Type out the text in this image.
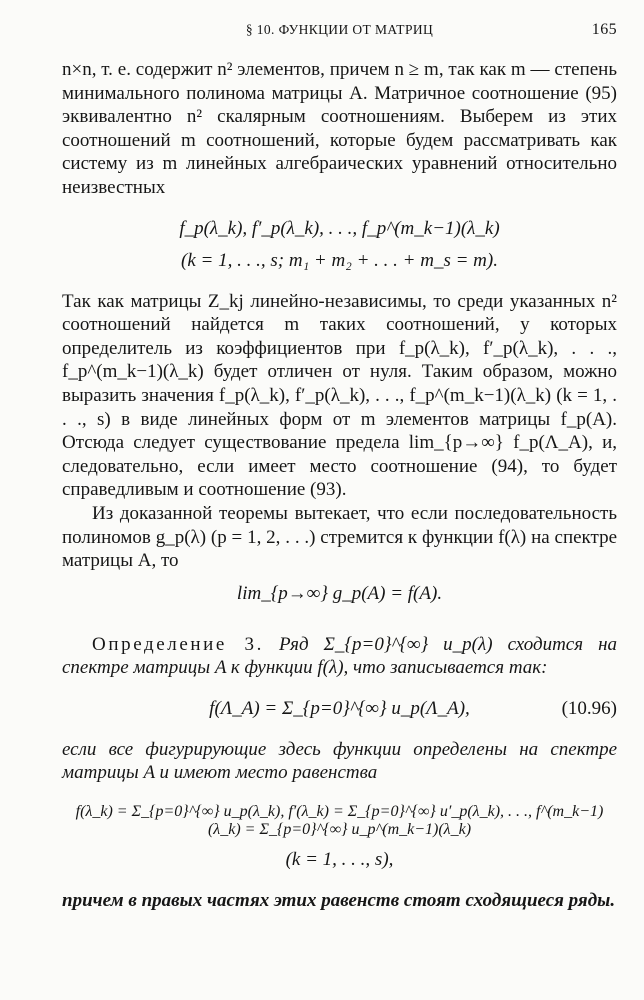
§ 10. ФУНКЦИИ ОТ МАТРИЦ	165

n×n, т. е. содержит n² элементов, причем n ≥ m, так как m — степень минимального полинома матрицы A. Матричное соотношение (95) эквивалентно n² скалярным соотношениям. Выберем из этих соотношений m соотношений, которые будем рассматривать как систему из m линейных алгебраических уравнений относительно неизвестных

f_p(λ_k), f′_p(λ_k), . . ., f_p^(m_k−1)(λ_k)
(k = 1, . . ., s; m₁ + m₂ + . . . + m_s = m).

Так как матрицы Z_kj линейно-независимы, то среди указанных n² соотношений найдется m таких соотношений, у которых определитель из коэффициентов при f_p(λ_k), f′_p(λ_k), . . ., f_p^(m_k−1)(λ_k) будет отличен от нуля. Таким образом, можно выразить значения f_p(λ_k), f′_p(λ_k), . . ., f_p^(m_k−1)(λ_k) (k = 1, . . ., s) в виде линейных форм от m элементов матрицы f_p(A). Отсюда следует существование предела lim_{p→∞} f_p(Λ_A), и, следовательно, если имеет место соотношение (94), то будет справедливым и соотношение (93).

Из доказанной теоремы вытекает, что если последовательность полиномов g_p(λ) (p = 1, 2, . . .) стремится к функции f(λ) на спектре матрицы A, то

lim_{p→∞} g_p(A) = f(A).

Определение 3. Ряд Σ_{p=0}^{∞} u_p(λ) сходится на спектре матрицы A к функции f(λ), что записывается так:

f(Λ_A) = Σ_{p=0}^{∞} u_p(Λ_A),	(10.96)

если все фигурирующие здесь функции определены на спектре матрицы A и имеют место равенства

f(λ_k) = Σ_{p=0}^{∞} u_p(λ_k), f′(λ_k) = Σ_{p=0}^{∞} u′_p(λ_k), . . ., f^(m_k−1)(λ_k) = Σ_{p=0}^{∞} u_p^(m_k−1)(λ_k)
(k = 1, . . ., s),

причем в правых частях этих равенств стоят сходящиеся ряды.
